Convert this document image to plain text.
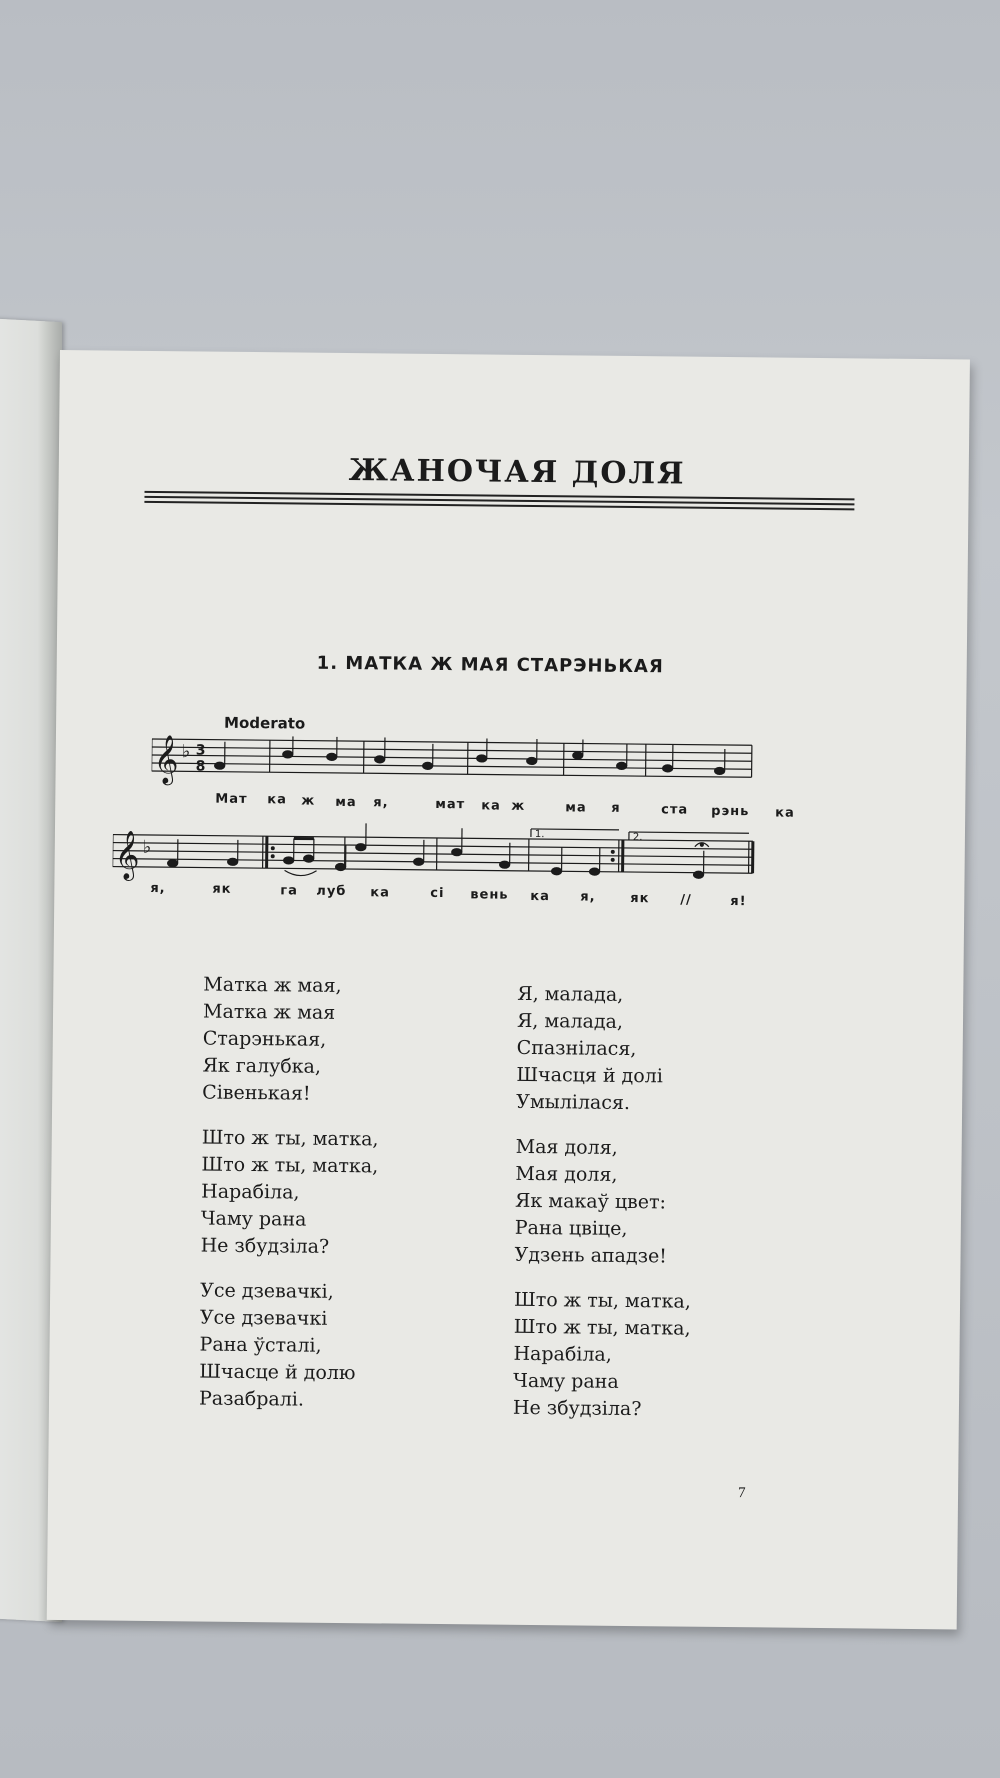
ЖАНОЧАЯ ДОЛЯ
1. МАТКА Ж МАЯ СТАРЭНЬКАЯ
Moderato
𝄞 ♭ 3
8
Мат ка ж ма я,	мат ка ж	ма я	ста рэнь ка
𝄞 ♭
1.	2.
я,	як	га луб ка	сі вень ка я,	як //	я!
Матка ж мая,
Матка ж мая
Старэнькая,
Як галубка,
Сівенькая!
Што ж ты, матка,
Што ж ты, матка,
Нарабіла,
Чаму рана
Не збудзіла?
Усе дзевачкі,
Усе дзевачкі
Рана ўсталі,
Шчасце й долю
Разабралі.
Я, малада,
Я, малада,
Спазнілася,
Шчасця й долі
Умылілася.
Мая доля,
Мая доля,
Як макаў цвет:
Рана цвіце,
Удзень ападзе!
Што ж ты, матка,
Што ж ты, матка,
Нарабіла,
Чаму рана
Не збудзіла?
7
